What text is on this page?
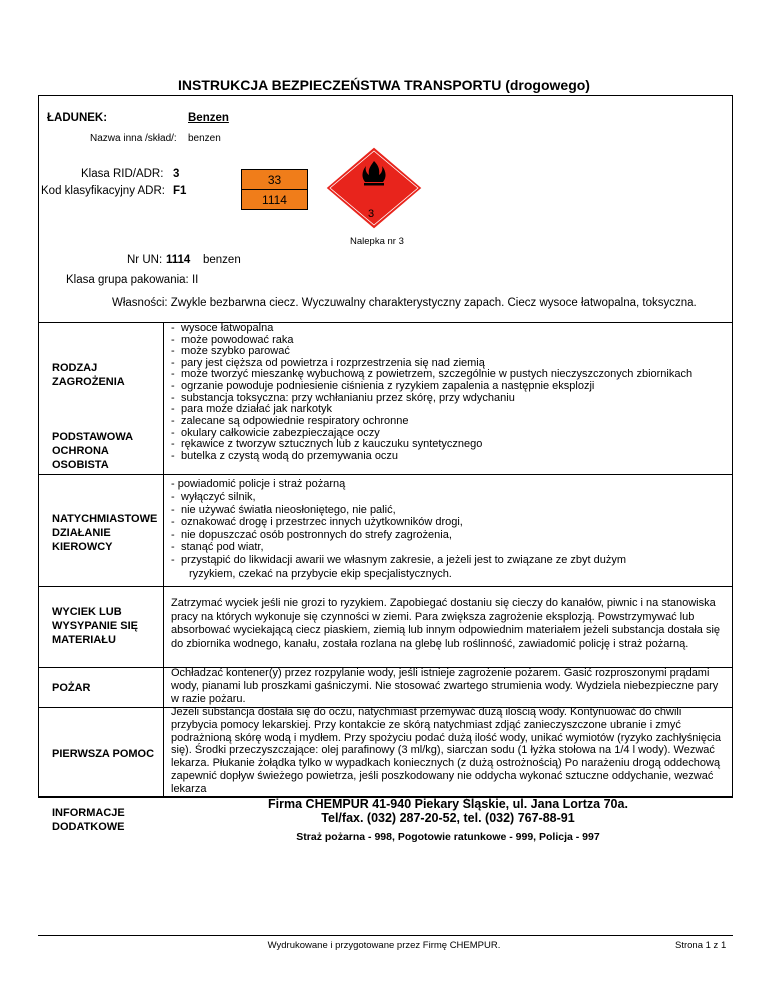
INSTRUKCJA BEZPIECZEŃSTWA TRANSPORTU (drogowego)
ŁADUNEK:	Benzen
Nazwa inna /skład/: benzen
Klasa RID/ADR: 3
Kod klasyfikacyjny ADR: F1
33
1114
3
Nalepka nr 3
Nr UN: 1114 benzen
Klasa grupa pakowania: II
Własności: Zwykle bezbarwna ciecz. Wyczuwalny charakterystyczny zapach. Ciecz wysoce łatwopalna, toksyczna.
RODZAJ ZAGROŻENIA
- wysoce łatwopalna
- może powodować raka
- może szybko parować
- pary jest cięższa od powietrza i rozprzestrzenia się nad ziemią
- może tworzyć mieszankę wybuchową z powietrzem, szczególnie w pustych nieczyszczonych zbiornikach
- ogrzanie powoduje podniesienie ciśnienia z ryzykiem zapalenia a następnie eksplozji
- substancja toksyczna: przy wchłanianiu przez skórę, przy wdychaniu
- para może działać jak narkotyk
PODSTAWOWA OCHRONA OSOBISTA
- zalecane są odpowiednie respiratory ochronne
- okulary całkowicie zabezpieczające oczy
- rękawice z tworzyw sztucznych lub z kauczuku syntetycznego
- butelka z czystą wodą do przemywania oczu
NATYCHMIASTOWE DZIAŁANIE KIEROWCY
- powiadomić policje i straż pożarną
- wyłączyć silnik,
- nie używać światła nieosłoniętego, nie palić,
- oznakować drogę i przestrzec innych użytkowników drogi,
- nie dopuszczać osób postronnych do strefy zagrożenia,
- stanąć pod wiatr,
- przystąpić do likwidacji awarii we własnym zakresie, a jeżeli jest to związane ze zbyt dużym
ryzykiem, czekać na przybycie ekip specjalistycznych.
WYCIEK LUB WYSYPANIE SIĘ MATERIAŁU
Zatrzymać wyciek jeśli nie grozi to ryzykiem. Zapobiegać dostaniu się cieczy do kanałów, piwnic i na stanowiska pracy na których wykonuje się czynności w ziemi. Para zwiększa zagrożenie eksplozją. Powstrzymywać lub absorbować wyciekającą ciecz piaskiem, ziemią lub innym odpowiednim materiałem jeżeli substancja dostała się do zbiornika wodnego, kanału, została rozlana na glebę lub roślinność, zawiadomić policję i straż pożarną.
POŻAR
Ochładzać kontener(y) przez rozpylanie wody, jeśli istnieje zagrożenie pożarem. Gasić rozproszonymi prądami wody, pianami lub proszkami gaśniczymi. Nie stosować zwartego strumienia wody. Wydziela niebezpieczne pary w razie pożaru.
PIERWSZA POMOC
Jeżeli substancja dostała się do oczu, natychmiast przemywać dużą ilością wody. Kontynuować do chwili przybycia pomocy lekarskiej. Przy kontakcie ze skórą natychmiast zdjąć zanieczyszczone ubranie i zmyć podrażnioną skórę wodą i mydłem. Przy spożyciu podać dużą ilość wody, unikać wymiotów (ryzyko zachłyśnięcia się). Środki przeczyszczające: olej parafinowy (3 ml/kg), siarczan sodu (1 łyżka stołowa na 1/4 l wody). Wezwać lekarza. Płukanie żołądka tylko w wypadkach koniecznych (z dużą ostrożnością) Po narażeniu drogą oddechową zapewnić dopływ świeżego powietrza, jeśli poszkodowany nie oddycha wykonać sztuczne oddychanie, wezwać lekarza
INFORMACJE DODATKOWE
Firma CHEMPUR 41-940 Piekary Śląskie, ul. Jana Lortza 70a.
Tel/fax. (032) 287-20-52, tel. (032) 767-88-91
Straż pożarna - 998, Pogotowie ratunkowe - 999, Policja - 997
Wydrukowane i przygotowane przez Firmę CHEMPUR.	Strona 1 z 1
